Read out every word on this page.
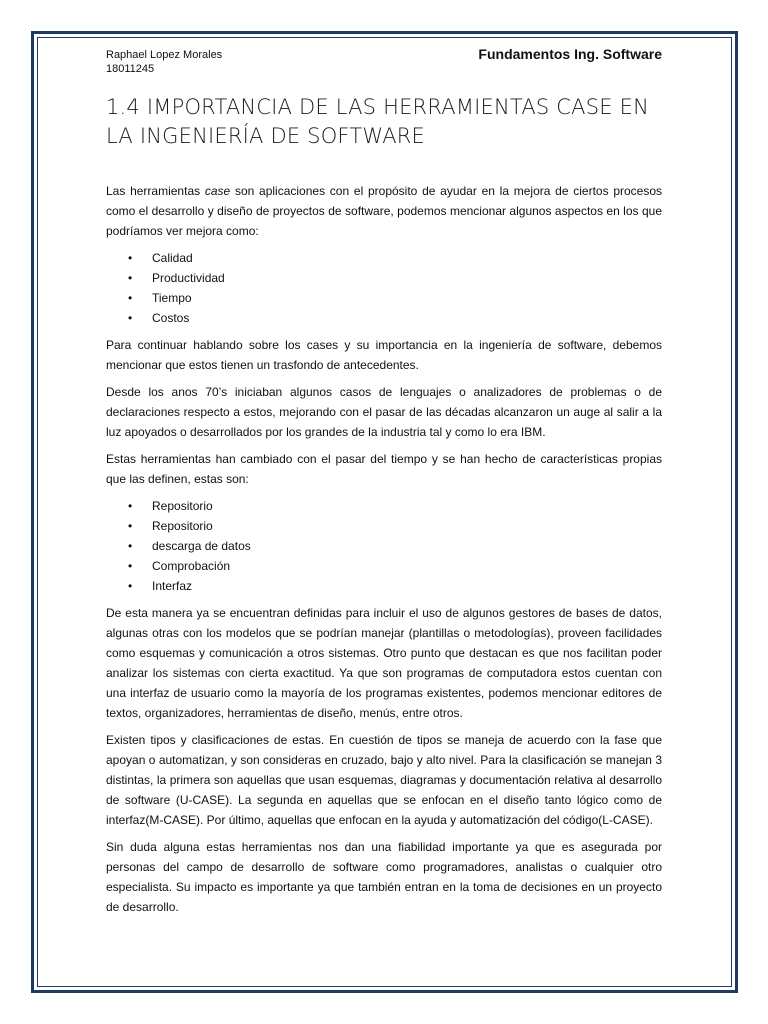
Raphael Lopez Morales
18011245
Fundamentos Ing. Software
1.4 IMPORTANCIA DE LAS HERRAMIENTAS CASE EN LA INGENIERÍA DE SOFTWARE

Las herramientas case son aplicaciones con el propósito de ayudar en la mejora de ciertos procesos como el desarrollo y diseño de proyectos de software, podemos mencionar algunos aspectos en los que podríamos ver mejora como:

• Calidad
• Productividad
• Tiempo
• Costos

Para continuar hablando sobre los cases y su importancia en la ingeniería de software, debemos mencionar que estos tienen un trasfondo de antecedentes.

Desde los anos 70’s iniciaban algunos casos de lenguajes o analizadores de problemas o de declaraciones respecto a estos, mejorando con el pasar de las décadas alcanzaron un auge al salir a la luz apoyados o desarrollados por los grandes de la industria tal y como lo era IBM.

Estas herramientas han cambiado con el pasar del tiempo y se han hecho de características propias que las definen, estas son:

• Repositorio
• Repositorio
• descarga de datos
• Comprobación
• Interfaz

De esta manera ya se encuentran definidas para incluir el uso de algunos gestores de bases de datos, algunas otras con los modelos que se podrían manejar (plantillas o metodologías), proveen facilidades como esquemas y comunicación a otros sistemas. Otro punto que destacan es que nos facilitan poder analizar los sistemas con cierta exactitud. Ya que son programas de computadora estos cuentan con una interfaz de usuario como la mayoría de los programas existentes, podemos mencionar editores de textos, organizadores, herramientas de diseño, menús, entre otros.

Existen tipos y clasificaciones de estas. En cuestión de tipos se maneja de acuerdo con la fase que apoyan o automatizan, y son consideras en cruzado, bajo y alto nivel. Para la clasificación se manejan 3 distintas, la primera son aquellas que usan esquemas, diagramas y documentación relativa al desarrollo de software (U-CASE). La segunda en aquellas que se enfocan en el diseño tanto lógico como de interfaz(M-CASE). Por último, aquellas que enfocan en la ayuda y automatización del código(L-CASE).

Sin duda alguna estas herramientas nos dan una fiabilidad importante ya que es asegurada por personas del campo de desarrollo de software como programadores, analistas o cualquier otro especialista. Su impacto es importante ya que también entran en la toma de decisiones en un proyecto de desarrollo.
